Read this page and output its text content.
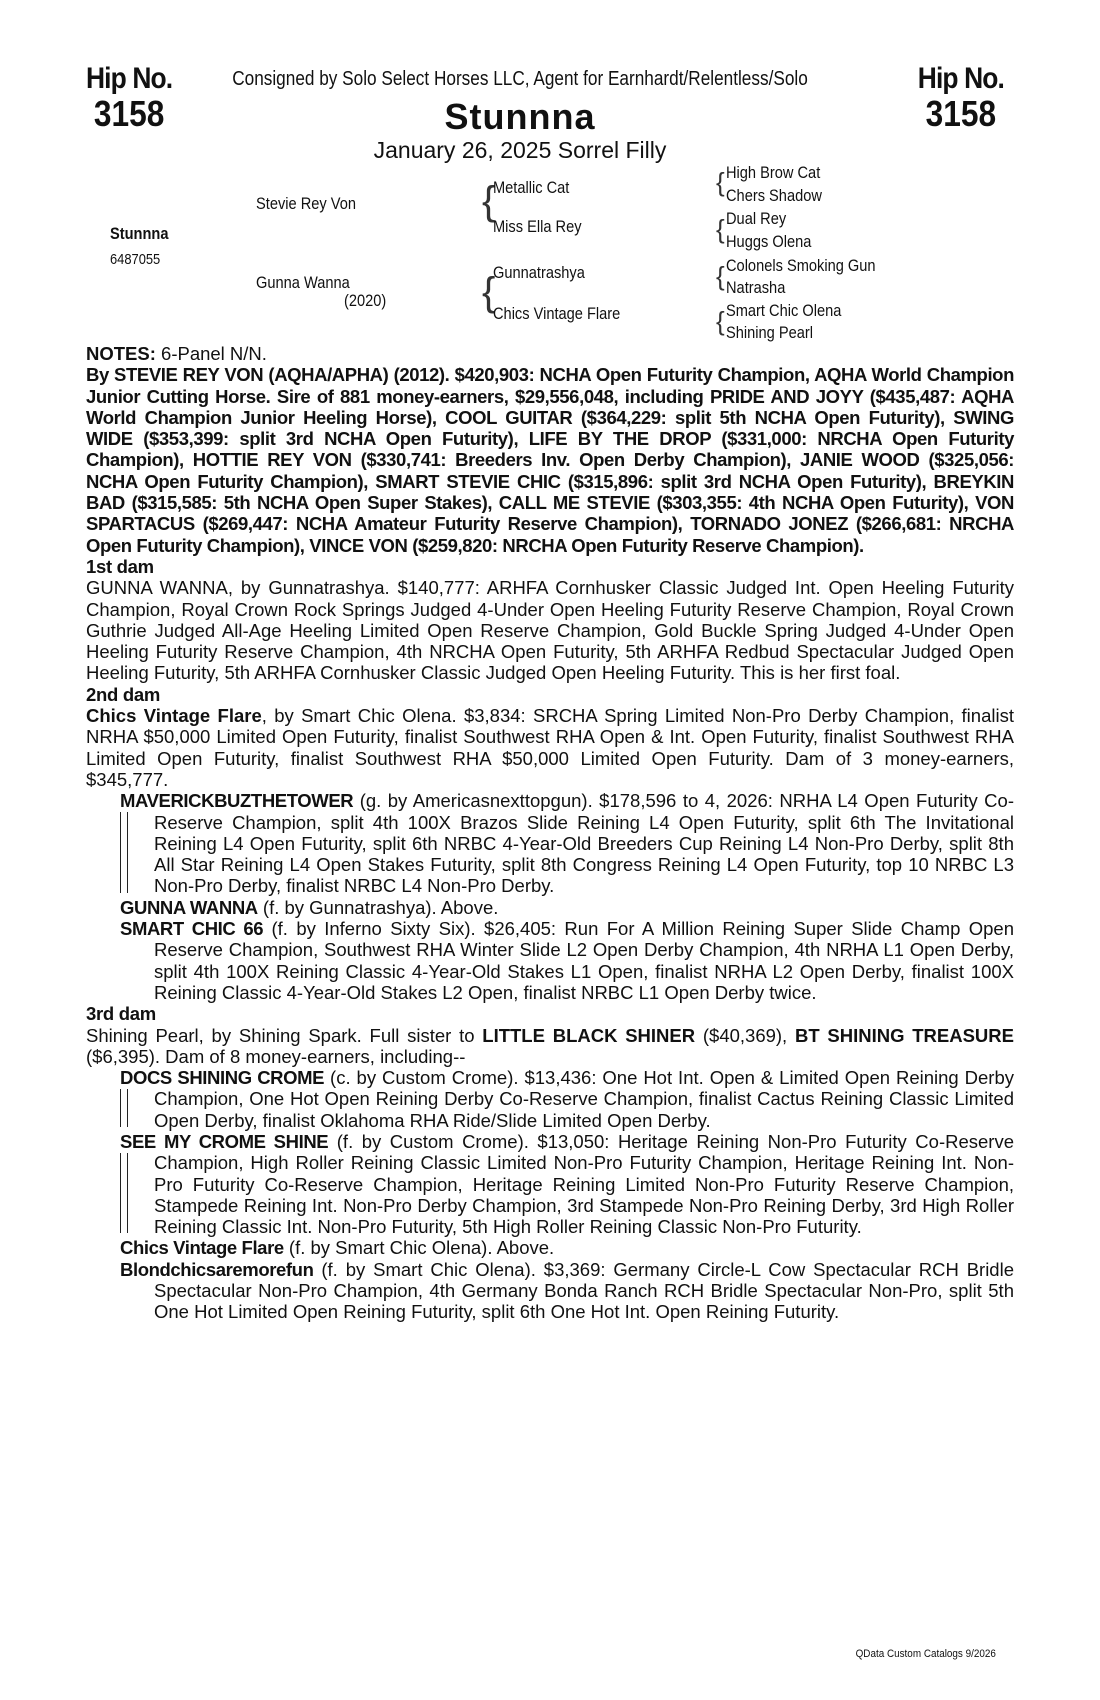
Hip No.
3158
Hip No.
3158
Consigned by Solo Select Horses LLC, Agent for Earnhardt/Relentless/Solo
Stunnna
January 26, 2025 Sorrel Filly
Stunnna
6487055
Stevie Rey Von
Gunna Wanna
(2020)
{
Metallic Cat
Miss Ella Rey
{
Gunnatrashya
Chics Vintage Flare
{ High Brow Cat
Chers Shadow
{ Dual Rey
Huggs Olena
{ Colonels Smoking Gun
Natrasha
{ Smart Chic Olena
Shining Pearl

NOTES: 6-Panel N/N.

By STEVIE REY VON (AQHA/APHA) (2012). $420,903: NCHA Open Futurity Champion, AQHA World Champion Junior Cutting Horse. Sire of 881 money-earners, $29,556,048, including PRIDE AND JOYY ($435,487: AQHA World Champion Junior Heeling Horse), COOL GUITAR ($364,229: split 5th NCHA Open Futurity), SWING WIDE ($353,399: split 3rd NCHA Open Futurity), LIFE BY THE DROP ($331,000: NRCHA Open Futurity Champion), HOTTIE REY VON ($330,741: Breeders Inv. Open Derby Champion), JANIE WOOD ($325,056: NCHA Open Futurity Champion), SMART STEVIE CHIC ($315,896: split 3rd NCHA Open Futurity), BREYKIN BAD ($315,585: 5th NCHA Open Super Stakes), CALL ME STEVIE ($303,355: 4th NCHA Open Futurity), VON SPARTACUS ($269,447: NCHA Amateur Futurity Reserve Champion), TORNADO JONEZ ($266,681: NRCHA Open Futurity Champion), VINCE VON ($259,820: NRCHA Open Futurity Reserve Champion).

1st dam

GUNNA WANNA, by Gunnatrashya. $140,777: ARHFA Cornhusker Classic Judged Int. Open Heeling Futurity Champion, Royal Crown Rock Springs Judged 4-Under Open Heeling Futurity Reserve Champion, Royal Crown Guthrie Judged All-Age Heeling Limited Open Reserve Champion, Gold Buckle Spring Judged 4-Under Open Heeling Futurity Reserve Champion, 4th NRCHA Open Futurity, 5th ARHFA Redbud Spectacular Judged Open Heeling Futurity, 5th ARHFA Cornhusker Classic Judged Open Heeling Futurity. This is her first foal.

2nd dam

Chics Vintage Flare, by Smart Chic Olena. $3,834: SRCHA Spring Limited Non-Pro Derby Champion, finalist NRHA $50,000 Limited Open Futurity, finalist Southwest RHA Open & Int. Open Futurity, finalist Southwest RHA Limited Open Futurity, finalist Southwest RHA $50,000 Limited Open Futurity. Dam of 3 money-earners, $345,777.

MAVERICKBUZTHETOWER (g. by Americasnexttopgun). $178,596 to 4, 2026: NRHA L4 Open Futurity Co-Reserve Champion, split 4th 100X Brazos Slide Reining L4 Open Futurity, split 6th The Invitational Reining L4 Open Futurity, split 6th NRBC 4-Year-Old Breeders Cup Reining L4 Non-Pro Derby, split 8th All Star Reining L4 Open Stakes Futurity, split 8th Congress Reining L4 Open Futurity, top 10 NRBC L3 Non-Pro Derby, finalist NRBC L4 Non-Pro Derby.
GUNNA WANNA (f. by Gunnatrashya). Above.
SMART CHIC 66 (f. by Inferno Sixty Six). $26,405: Run For A Million Reining Super Slide Champ Open Reserve Champion, Southwest RHA Winter Slide L2 Open Derby Champion, 4th NRHA L1 Open Derby, split 4th 100X Reining Classic 4-Year-Old Stakes L1 Open, finalist NRHA L2 Open Derby, finalist 100X Reining Classic 4-Year-Old Stakes L2 Open, finalist NRBC L1 Open Derby twice.

3rd dam

Shining Pearl, by Shining Spark. Full sister to LITTLE BLACK SHINER ($40,369), BT SHINING TREASURE ($6,395). Dam of 8 money-earners, including--

DOCS SHINING CROME (c. by Custom Crome). $13,436: One Hot Int. Open & Limited Open Reining Derby Champion, One Hot Open Reining Derby Co-Reserve Champion, finalist Cactus Reining Classic Limited Open Derby, finalist Oklahoma RHA Ride/Slide Limited Open Derby.
SEE MY CROME SHINE (f. by Custom Crome). $13,050: Heritage Reining Non-Pro Futurity Co-Reserve Champion, High Roller Reining Classic Limited Non-Pro Futurity Champion, Heritage Reining Int. Non-Pro Futurity Co-Reserve Champion, Heritage Reining Limited Non-Pro Futurity Reserve Champion, Stampede Reining Int. Non-Pro Derby Champion, 3rd Stampede Non-Pro Reining Derby, 3rd High Roller Reining Classic Int. Non-Pro Futurity, 5th High Roller Reining Classic Non-Pro Futurity.
Chics Vintage Flare (f. by Smart Chic Olena). Above.
Blondchicsaremorefun (f. by Smart Chic Olena). $3,369: Germany Circle-L Cow Spectacular RCH Bridle Spectacular Non-Pro Champion, 4th Germany Bonda Ranch RCH Bridle Spectacular Non-Pro, split 5th One Hot Limited Open Reining Futurity, split 6th One Hot Int. Open Reining Futurity.
QData Custom Catalogs 9/2026
